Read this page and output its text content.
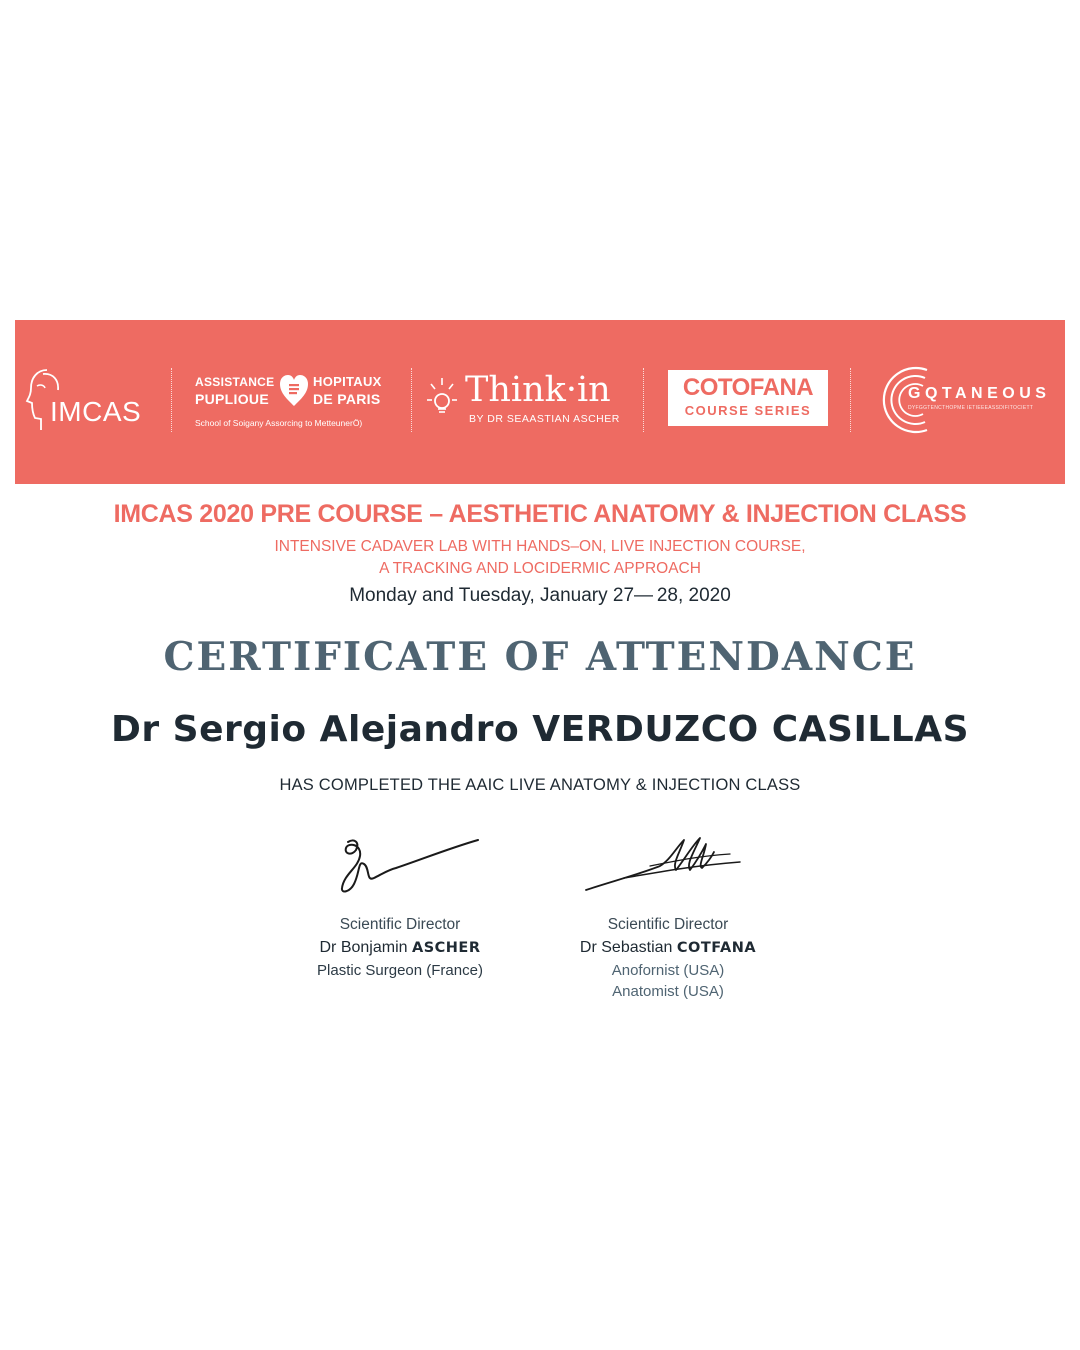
IMCAS
ASSISTANCE
PUPLIOUE
HOPITAUX
DE PARIS
School of Soigany Assorcing to MetteunerÖ)
Think·in
BY DR SEAASTIAN ASCHER
COTOFANA
COURSE SERIES
GQTANEOUS
DYFGGTENCTHOPME IETIEEEASSDIFITOCIETT
IMCAS 2020 PRE COURSE – AESTHETIC ANATOMY & INJECTION CLASS
INTENSIVE CADAVER LAB WITH HANDS–ON, LIVE INJECTION COURSE,
A TRACKING AND LOCIDERMIC APPROACH
Monday and Tuesday, January 27— 28, 2020
CERTIFICATE OF ATTENDANCE
Dr Sergio Alejandro VERDUZCO CASILLAS
HAS COMPLETED THE AAIC LIVE ANATOMY & INJECTION CLASS
Scientific Director
Dr Bonjamin ASCHER
Plastic Surgeon (France)
Scientific Director
Dr Sebastian COTFANA
Anofornist (USA)
Anatomist (USA)
